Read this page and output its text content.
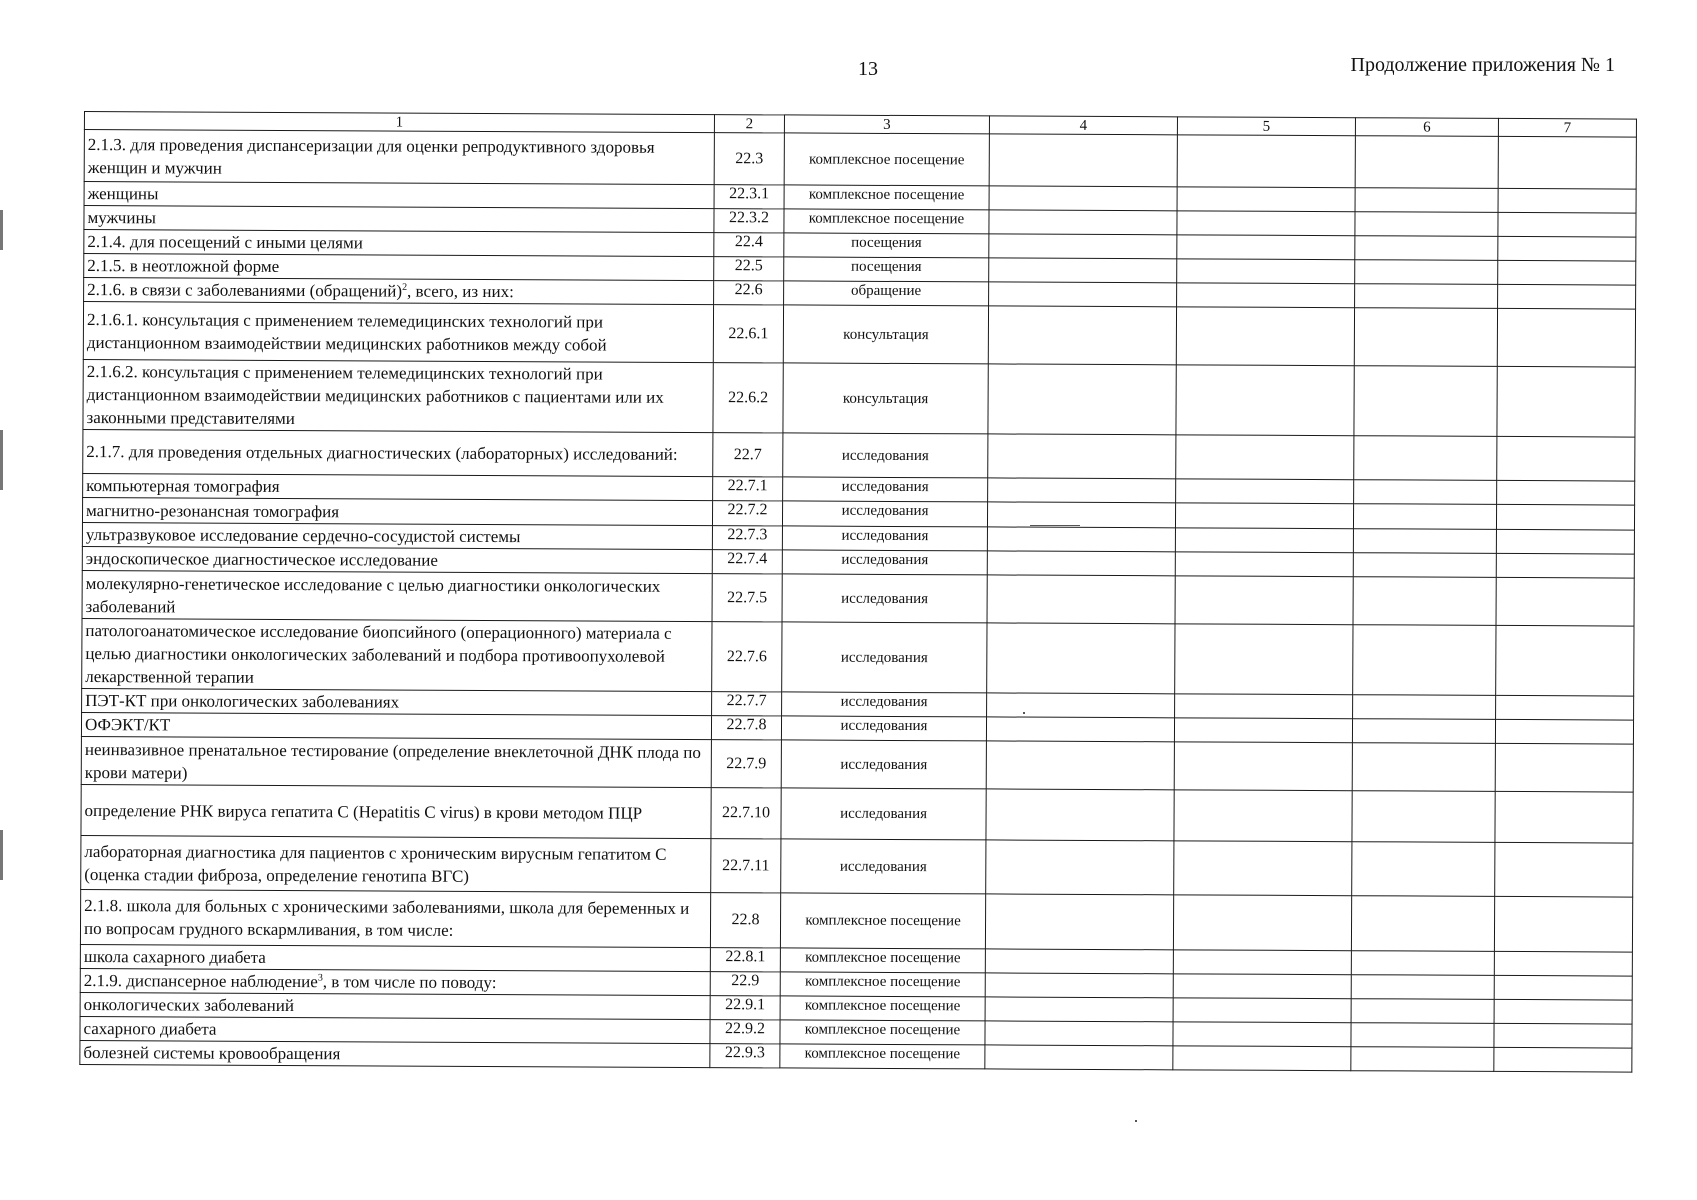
13	Продолжение приложения № 1
1	2	3	4	5	6	7
2.1.3. для проведения диспансеризации для оценки репродуктивного здоровья женщин и мужчин	22.3	комплексное посещение				
женщины	22.3.1	комплексное посещение				
мужчины	22.3.2	комплексное посещение				
2.1.4. для посещений с иными целями	22.4	посещения				
2.1.5. в неотложной форме	22.5	посещения				
2.1.6. в связи с заболеваниями (обращений)$^2$, всего, из них:	22.6	обращение				
2.1.6.1. консультация с применением телемедицинских технологий при дистанционном взаимодействии медицинских работников между собой	22.6.1	консультация				
2.1.6.2. консультация с применением телемедицинских технологий при дистанционном взаимодействии медицинских работников с пациентами или их законными представителями	22.6.2	консультация				
2.1.7. для проведения отдельных диагностических (лабораторных) исследований:	22.7	исследования				
компьютерная томография	22.7.1	исследования				
магнитно-резонансная томография	22.7.2	исследования				
ультразвуковое исследование сердечно-сосудистой системы	22.7.3	исследования				
эндоскопическое диагностическое исследование	22.7.4	исследования				
молекулярно-генетическое исследование с целью диагностики онкологических заболеваний	22.7.5	исследования				
патологоанатомическое исследование биопсийного (операционного) материала с целью диагностики онкологических заболеваний и подбора противоопухолевой лекарственной терапии	22.7.6	исследования				
ПЭТ-КТ при онкологических заболеваниях	22.7.7	исследования				
ОФЭКТ/КТ	22.7.8	исследования				
неинвазивное пренатальное тестирование (определение внеклеточной ДНК плода по крови матери)	22.7.9	исследования				
определение РНК вируса гепатита С (Hepatitis C virus) в крови методом ПЦР	22.7.10	исследования				
лабораторная диагностика для пациентов с хроническим вирусным гепатитом С (оценка стадии фиброза, определение генотипа ВГС)	22.7.11	исследования				
2.1.8. школа для больных с хроническими заболеваниями, школа для беременных и по вопросам грудного вскармливания, в том числе:	22.8	комплексное посещение				
школа сахарного диабета	22.8.1	комплексное посещение				
2.1.9. диспансерное наблюдение$^3$, в том числе по поводу:	22.9	комплексное посещение				
онкологических заболеваний	22.9.1	комплексное посещение				
сахарного диабета	22.9.2	комплексное посещение				
болезней системы кровообращения	22.9.3	комплексное посещение				
